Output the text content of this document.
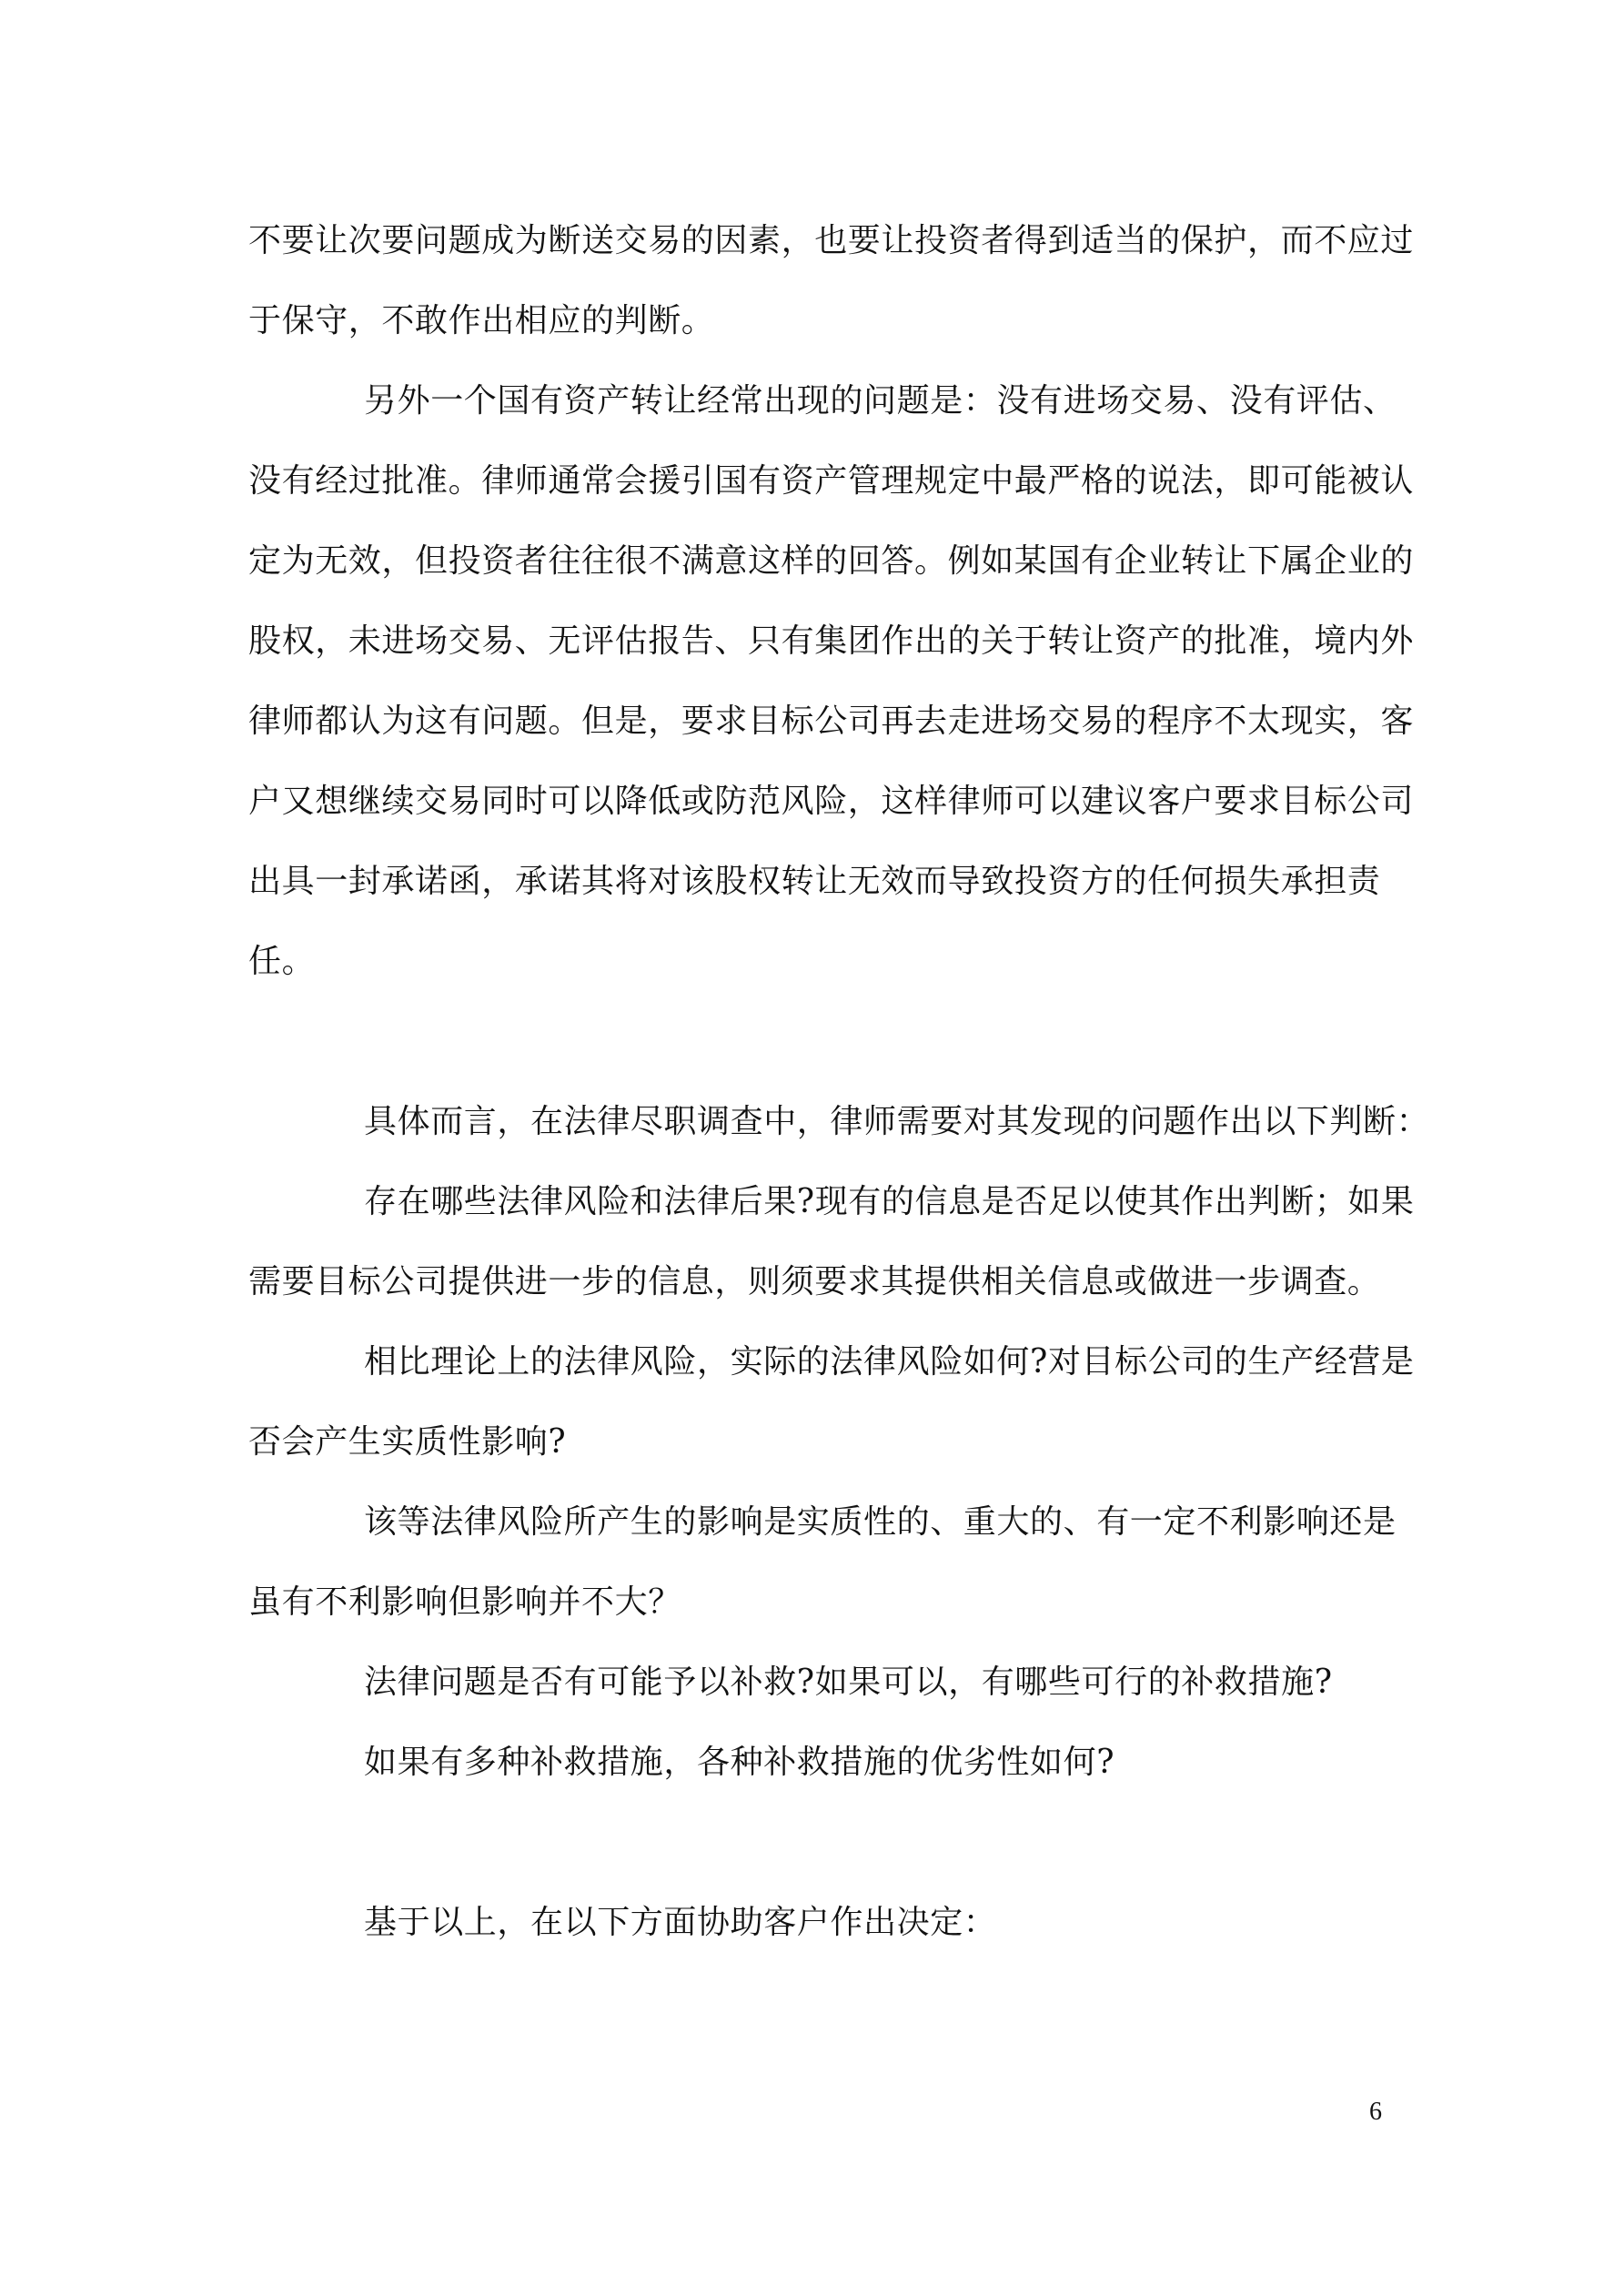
不要让次要问题成为断送交易的因素，也要让投资者得到适当的保护，而不应过
于保守，不敢作出相应的判断。
另外一个国有资产转让经常出现的问题是：没有进场交易、没有评估、
没有经过批准。律师通常会援引国有资产管理规定中最严格的说法，即可能被认
定为无效，但投资者往往很不满意这样的回答。例如某国有企业转让下属企业的
股权，未进场交易、无评估报告、只有集团作出的关于转让资产的批准，境内外
律师都认为这有问题。但是，要求目标公司再去走进场交易的程序不太现实，客
户又想继续交易同时可以降低或防范风险，这样律师可以建议客户要求目标公司
出具一封承诺函，承诺其将对该股权转让无效而导致投资方的任何损失承担责
任。
具体而言，在法律尽职调查中，律师需要对其发现的问题作出以下判断：
存在哪些法律风险和法律后果?现有的信息是否足以使其作出判断；如果
需要目标公司提供进一步的信息，则须要求其提供相关信息或做进一步调查。
相比理论上的法律风险，实际的法律风险如何?对目标公司的生产经营是
否会产生实质性影响?
该等法律风险所产生的影响是实质性的、重大的、有一定不利影响还是
虽有不利影响但影响并不大？
法律问题是否有可能予以补救?如果可以，有哪些可行的补救措施?
如果有多种补救措施，各种补救措施的优劣性如何?
基于以上，在以下方面协助客户作出决定：
6
